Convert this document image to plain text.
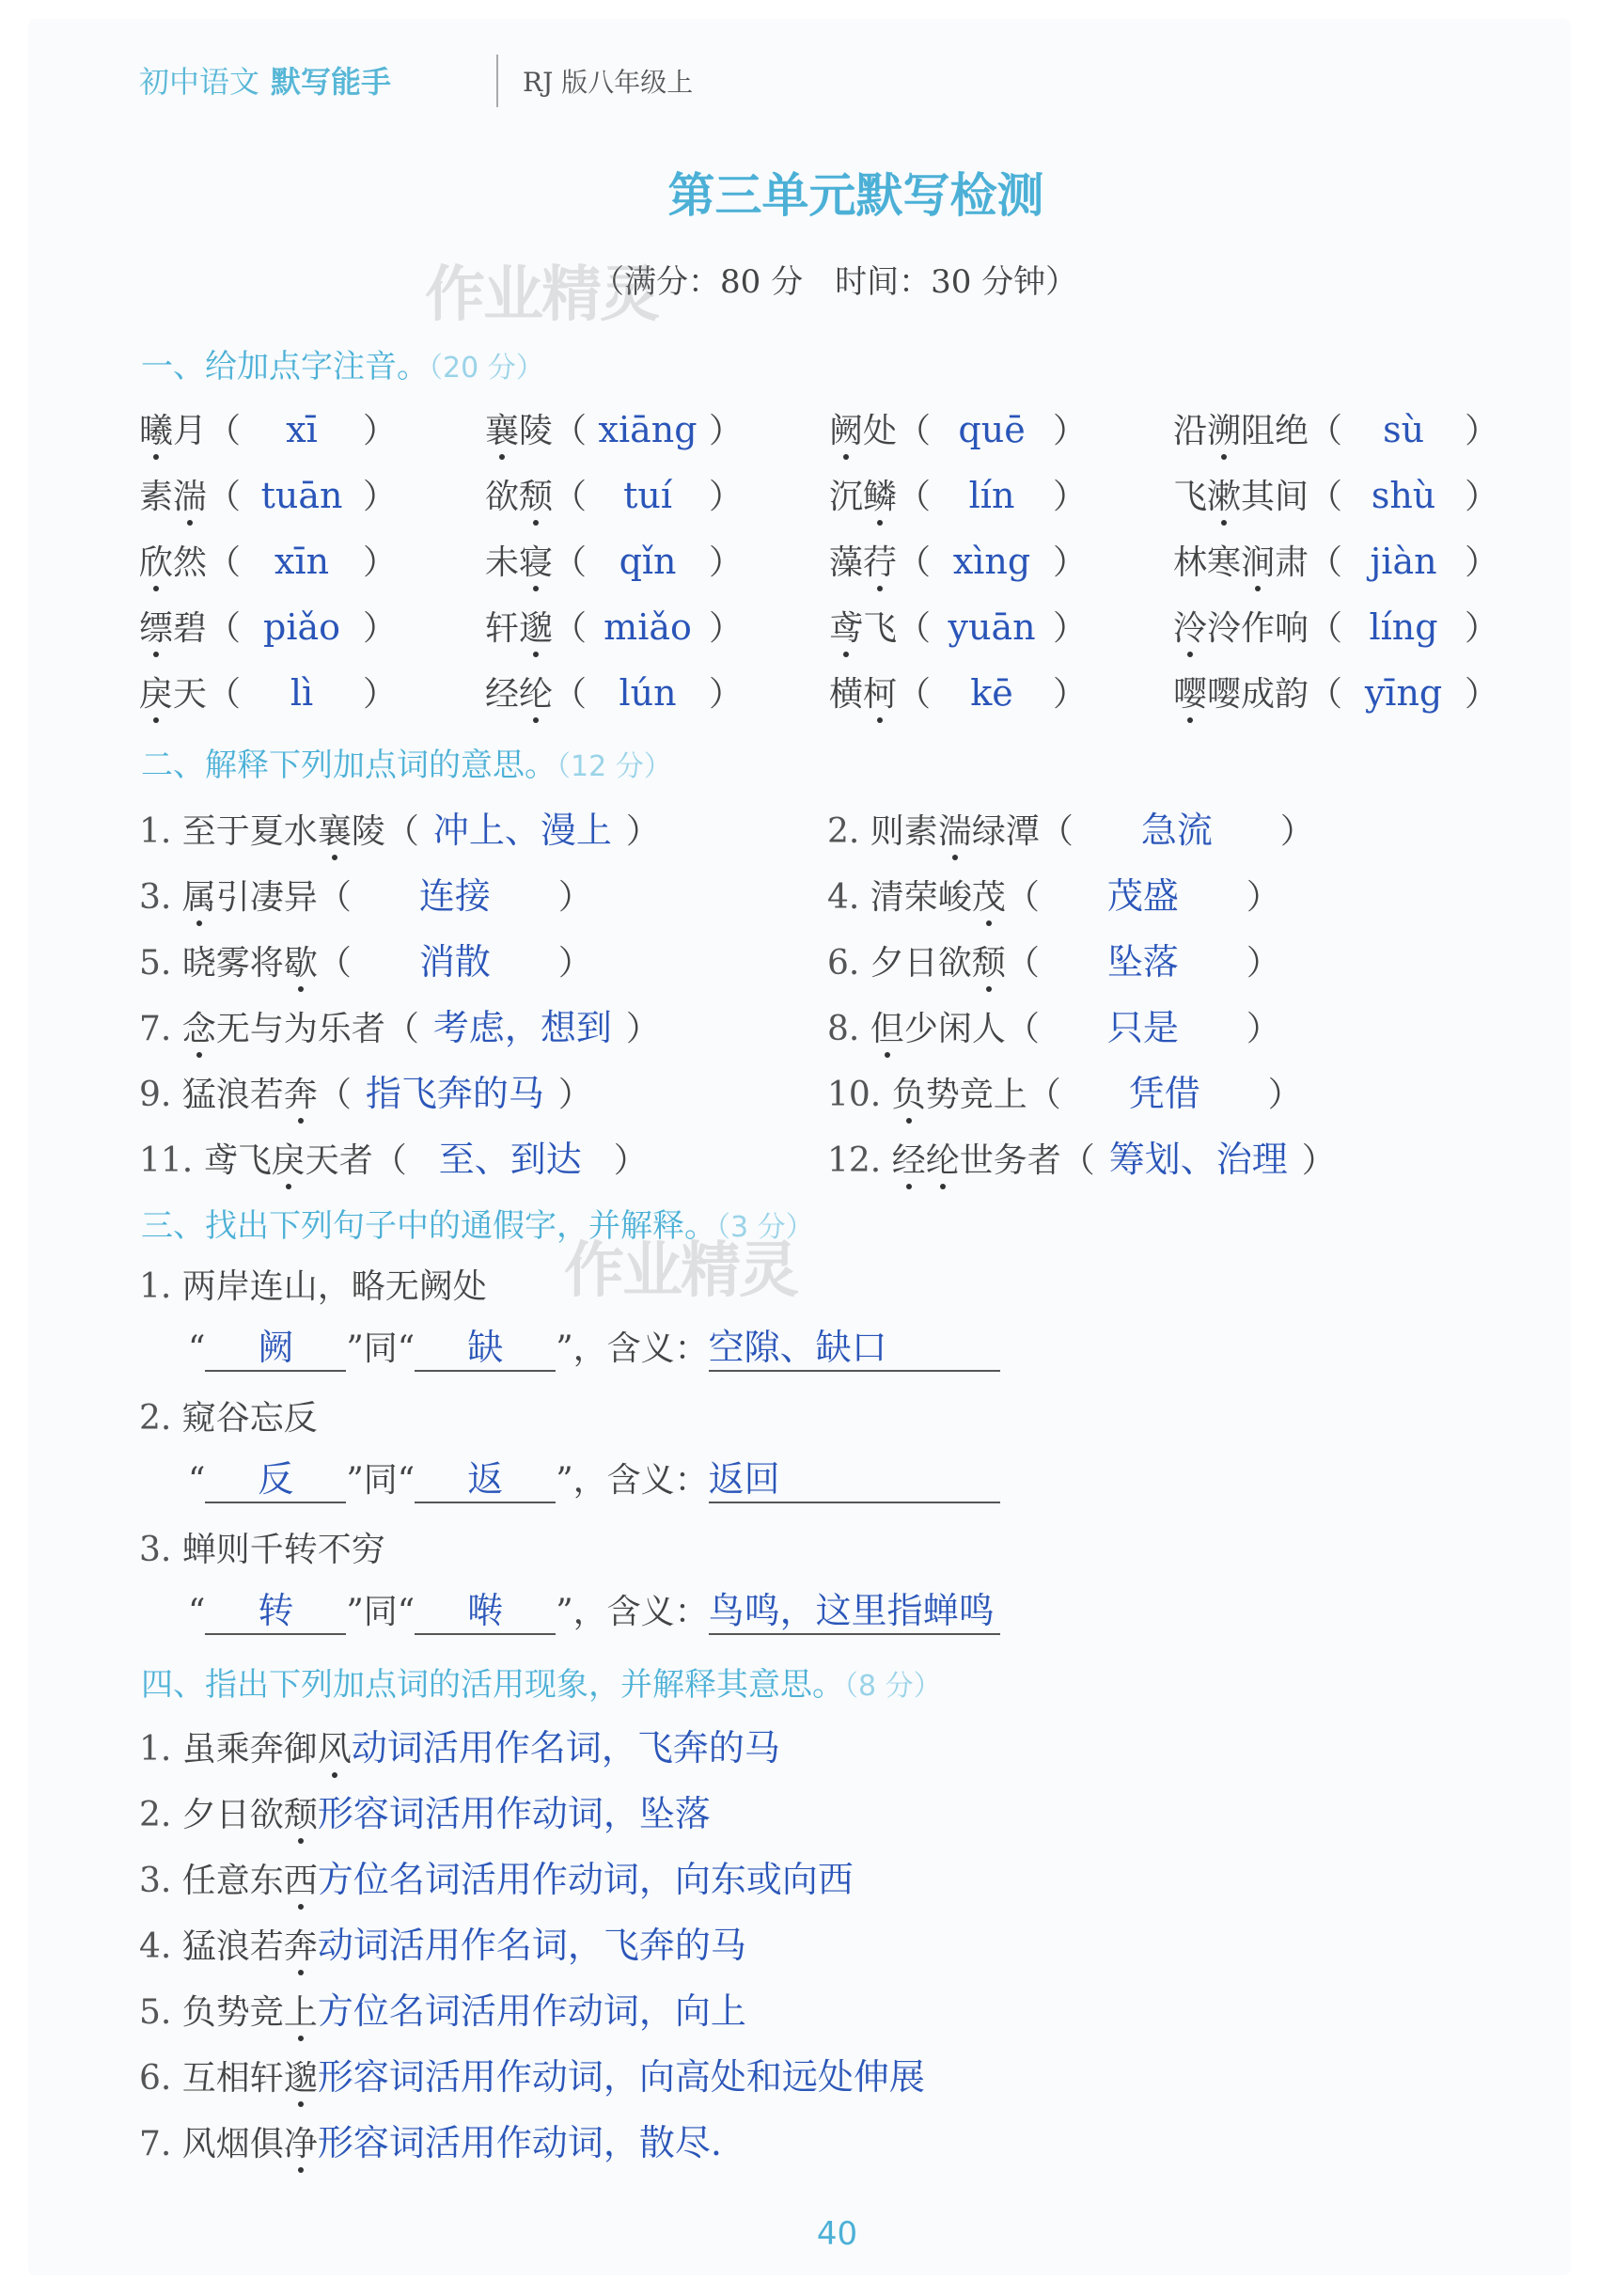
初中语文 默写能手	RJ 版八年级上
第三单元默写检测
（满分：80 分　时间：30 分钟）
作业精灵
作业精灵
一、给加点字注音。（20 分）
曦月（ xī ）	襄陵（ xiāng ）	阙处（ quē ）	沿溯阻绝（ sù ）
素湍（ tuān ）	欲颓（ tuí ）	沉鳞（ lín ）	飞漱其间（ shù ）
欣然（ xīn ）	未寝（ qǐn ）	藻荇（ xìng ）	林寒涧肃（ jiàn ）
缥碧（ piǎo ）	轩邈（ miǎo ）	鸢飞（ yuān ）	泠泠作响（ líng ）
戾天（ lì ）	经纶（ lún ）	横柯（ kē ）	嘤嘤成韵（ yīng ）
二、解释下列加点词的意思。（12 分）
1. 至于夏水襄陵（ 冲上、漫上 ）	2. 则素湍绿潭（ 急流 ）
3. 属引凄异（ 连接 ）	4. 清荣峻茂（ 茂盛 ）
5. 晓雾将歇（ 消散 ）	6. 夕日欲颓（ 坠落 ）
7. 念无与为乐者（ 考虑，想到 ）	8. 但少闲人（ 只是 ）
9. 猛浪若奔（ 指飞奔的马 ）	10. 负势竞上（ 凭借 ）
11. 鸢飞戾天者（ 至、到达 ）	12. 经纶世务者（ 筹划、治理 ）
三、找出下列句子中的通假字，并解释。（3 分）
1. 两岸连山，略无阙处
“ 阙 ”同“ 缺 ”，含义：空隙、缺口
2. 窥谷忘反
“ 反 ”同“ 返 ”，含义：返回
3. 蝉则千转不穷
“ 转 ”同“ 啭 ”，含义：鸟鸣，这里指蝉鸣
四、指出下列加点词的活用现象，并解释其意思。（8 分）
1. 虽乘奔御风动词活用作名词，飞奔的马
2. 夕日欲颓形容词活用作动词，坠落
3. 任意东西方位名词活用作动词，向东或向西
4. 猛浪若奔动词活用作名词，飞奔的马
5. 负势竞上方位名词活用作动词，向上
6. 互相轩邈形容词活用作动词，向高处和远处伸展
7. 风烟俱净形容词活用作动词，散尽.
40
